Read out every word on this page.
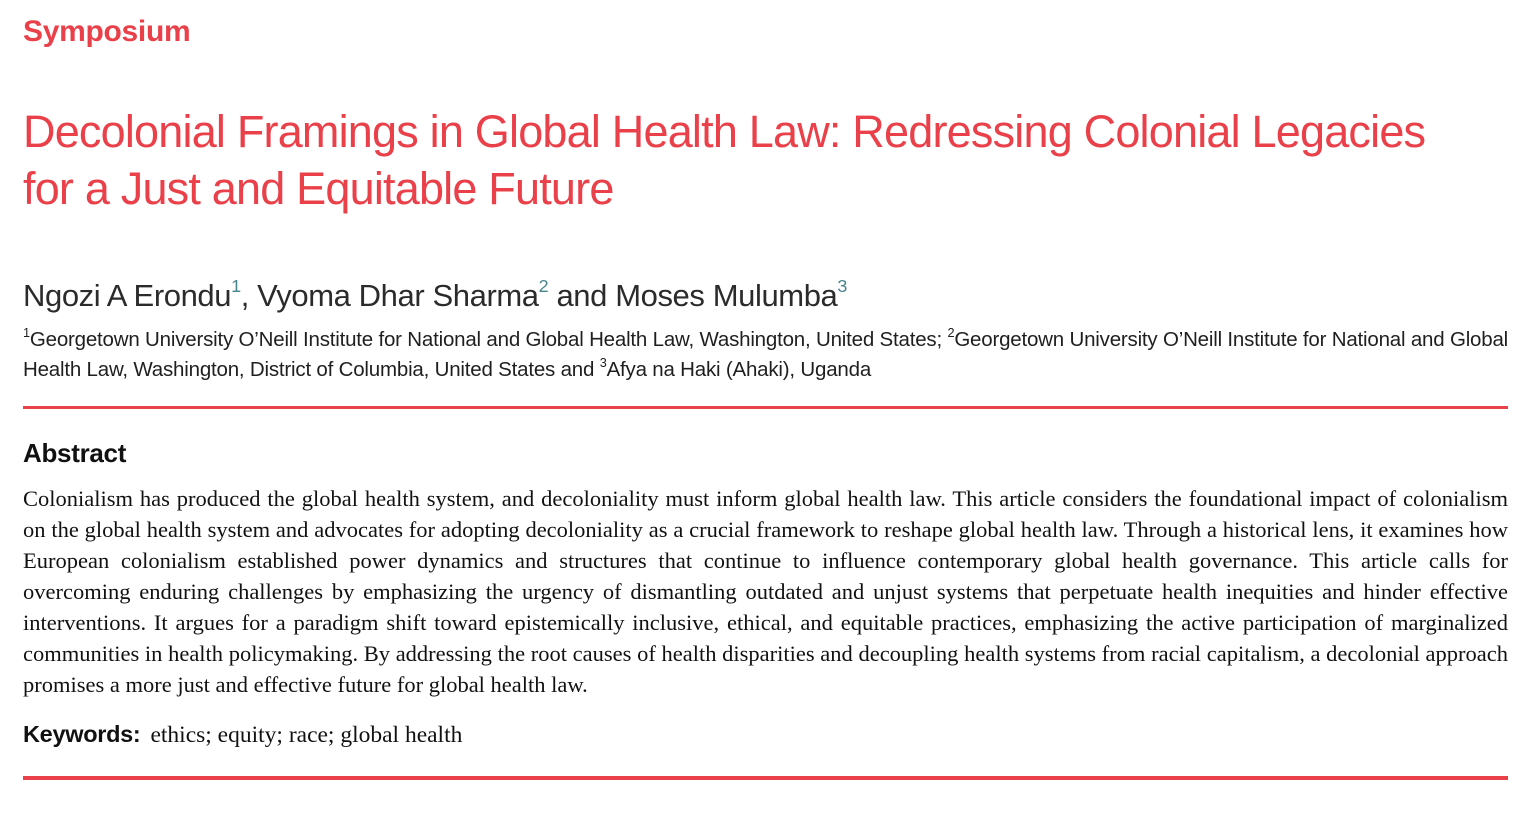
Symposium
Decolonial Framings in Global Health Law: Redressing Colonial Legacies for a Just and Equitable Future
Ngozi A Erondu$^1$, Vyoma Dhar Sharma$^2$ and Moses Mulumba$^3$
$^1$Georgetown University O’Neill Institute for National and Global Health Law, Washington, United States; $^2$Georgetown University O’Neill Institute for National and Global Health Law, Washington, District of Columbia, United States and $^3$Afya na Haki (Ahaki), Uganda
Abstract

Colonialism has produced the global health system, and decoloniality must inform global health law. This article considers the foundational impact of colonialism on the global health system and advocates for adopting decoloniality as a crucial framework to reshape global health law. Through a historical lens, it examines how European colonialism established power dynamics and structures that continue to influence contemporary global health governance. This article calls for overcoming enduring challenges by emphasizing the urgency of dismantling outdated and unjust systems that perpetuate health inequities and hinder effective interventions. It argues for a paradigm shift toward epistemically inclusive, ethical, and equitable practices, emphasizing the active participation of marginalized communities in health policymaking. By addressing the root causes of health disparities and decoupling health systems from racial capitalism, a decolonial approach promises a more just and effective future for global health law.

Keywords: ethics; equity; race; global health
